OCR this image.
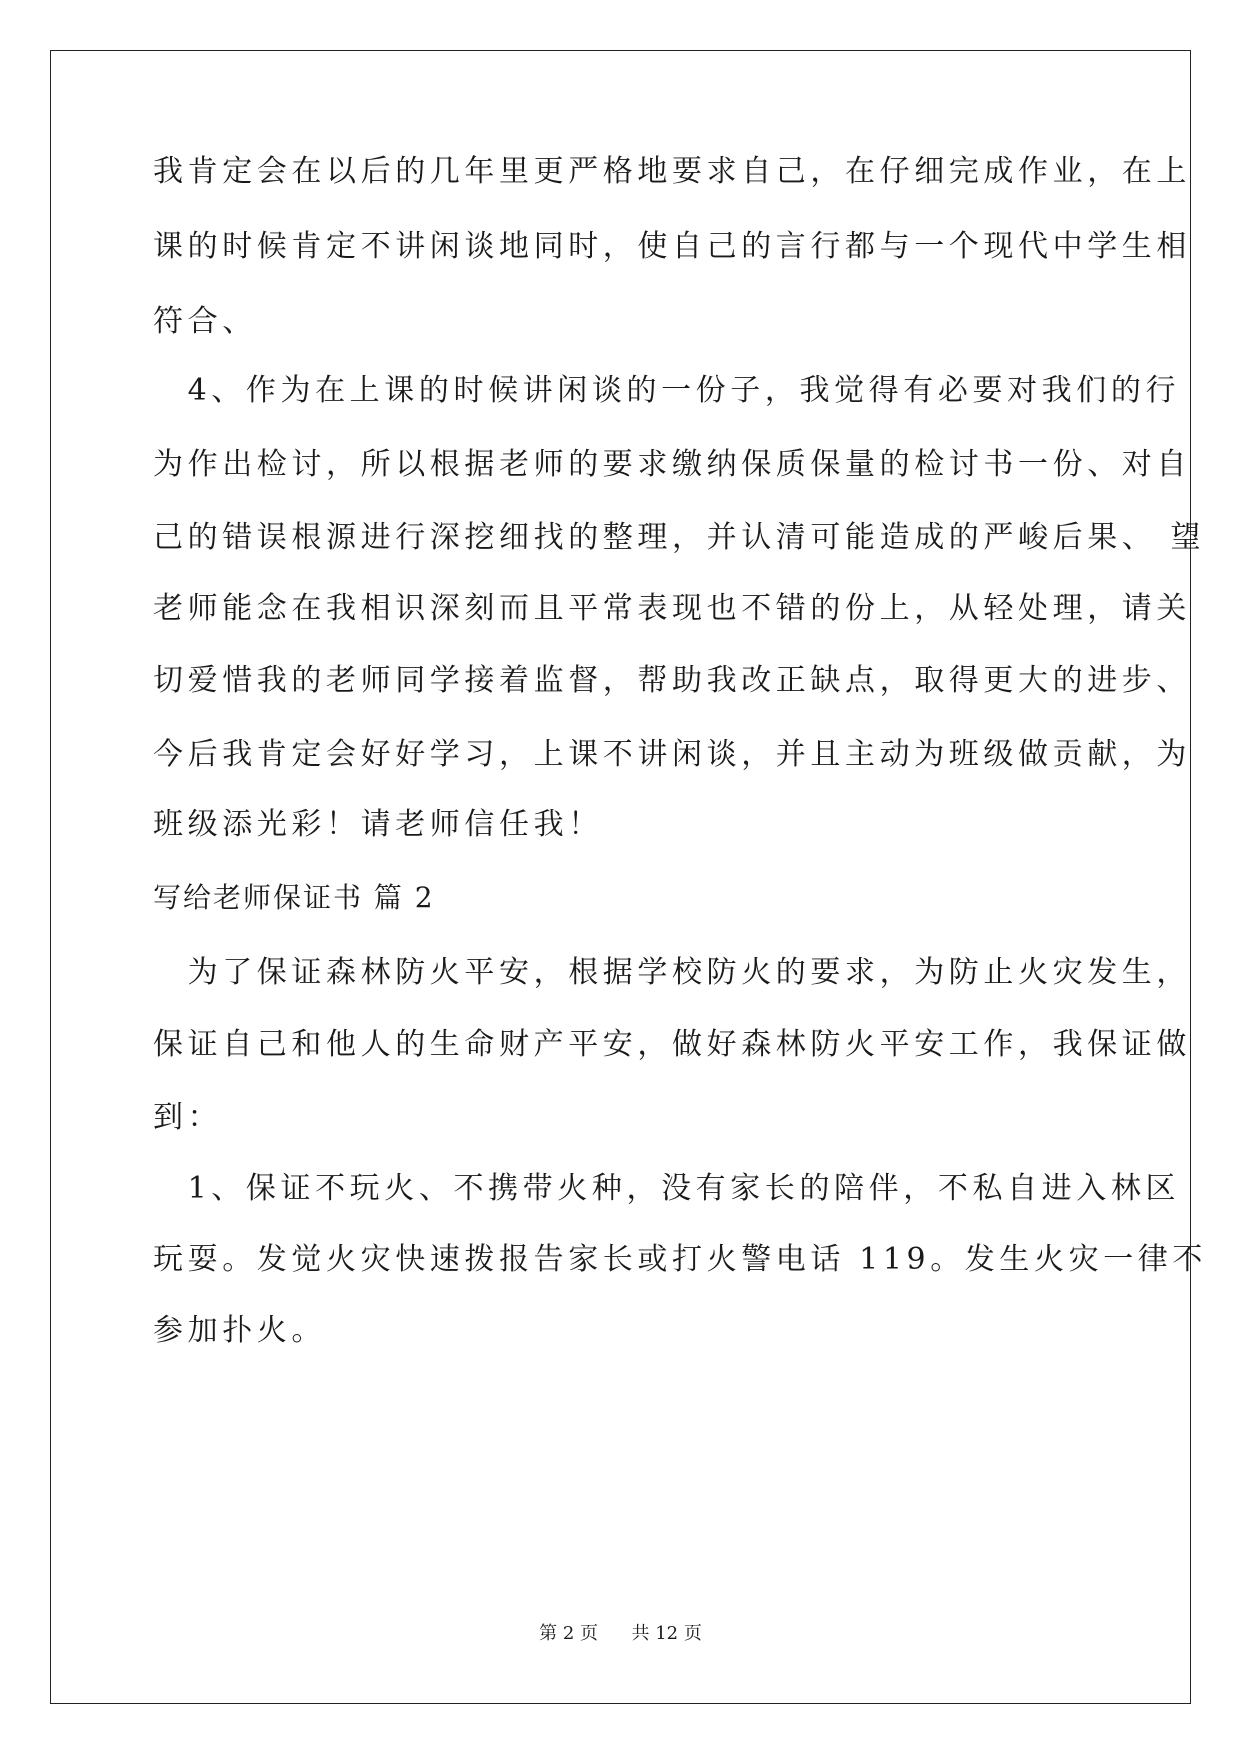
我肯定会在以后的几年里更严格地要求自己，在仔细完成作业，在上
课的时候肯定不讲闲谈地同时，使自己的言行都与一个现代中学生相
符合、
　4、作为在上课的时候讲闲谈的一份子，我觉得有必要对我们的行
为作出检讨，所以根据老师的要求缴纳保质保量的检讨书一份、对自
己的错误根源进行深挖细找的整理，并认清可能造成的严峻后果、 望
老师能念在我相识深刻而且平常表现也不错的份上，从轻处理，请关
切爱惜我的老师同学接着监督，帮助我改正缺点，取得更大的进步、
今后我肯定会好好学习，上课不讲闲谈，并且主动为班级做贡献，为
班级添光彩！请老师信任我！
写给老师保证书 篇 2
　为了保证森林防火平安，根据学校防火的要求，为防止火灾发生，
保证自己和他人的生命财产平安，做好森林防火平安工作，我保证做
到：
　1、保证不玩火、不携带火种，没有家长的陪伴，不私自进入林区
玩耍。发觉火灾快速拨报告家长或打火警电话 119。发生火灾一律不
参加扑火。
第 2 页 共 12 页
